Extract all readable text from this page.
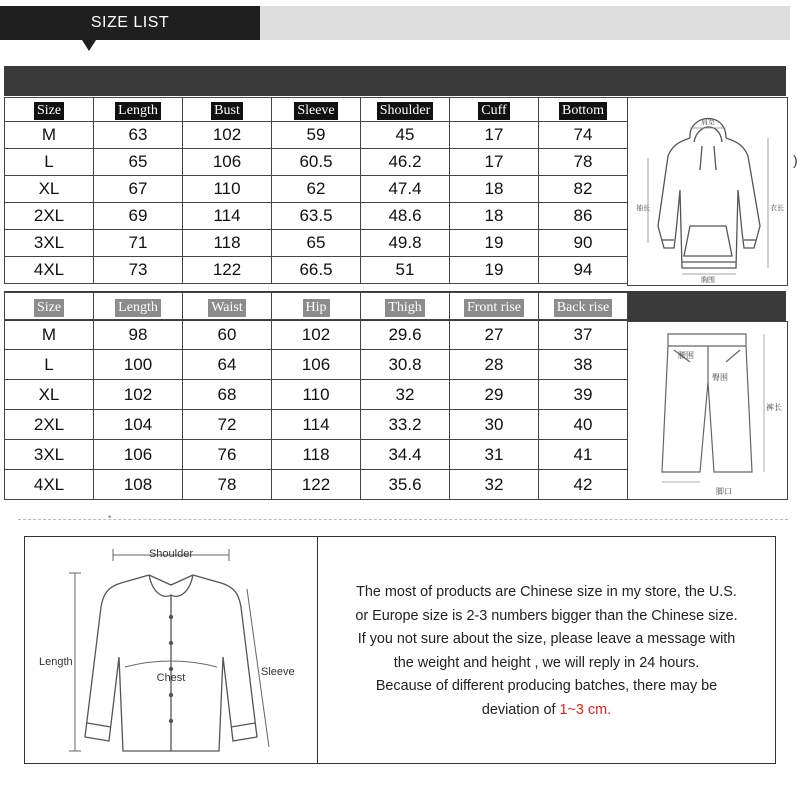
SIZE LIST
Size	Length	Bust	Sleeve	Shoulder	Cuff	Bottom
M	63	102	59	45	17	74
L	65	106	60.5	46.2	17	78
XL	67	110	62	47.4	18	82
2XL	69	114	63.5	48.6	18	86
3XL	71	118	65	49.8	19	90
4XL	73	122	66.5	51	19	94
肩宽
袖长	衣长
胸围
)
Size	Length	Waist	Hip	Thigh	Front rise	Back rise
M	98	60	102	29.6	27	37
L	100	64	106	30.8	28	38
XL	102	68	110	32	29	39
2XL	104	72	114	33.2	30	40
3XL	106	76	118	34.4	31	41
4XL	108	78	122	35.6	32	42
腰围
臀围
裤长
脚口
•
Shoulder
Length
Chest	Sleeve
The most of products are Chinese size in my store, the U.S.
or Europe size is 2-3 numbers bigger than the Chinese size.
If you not sure about the size, please leave a message with
the weight and height , we will reply in 24 hours.
Because of different producing batches, there may be
deviation of 1~3 cm.
